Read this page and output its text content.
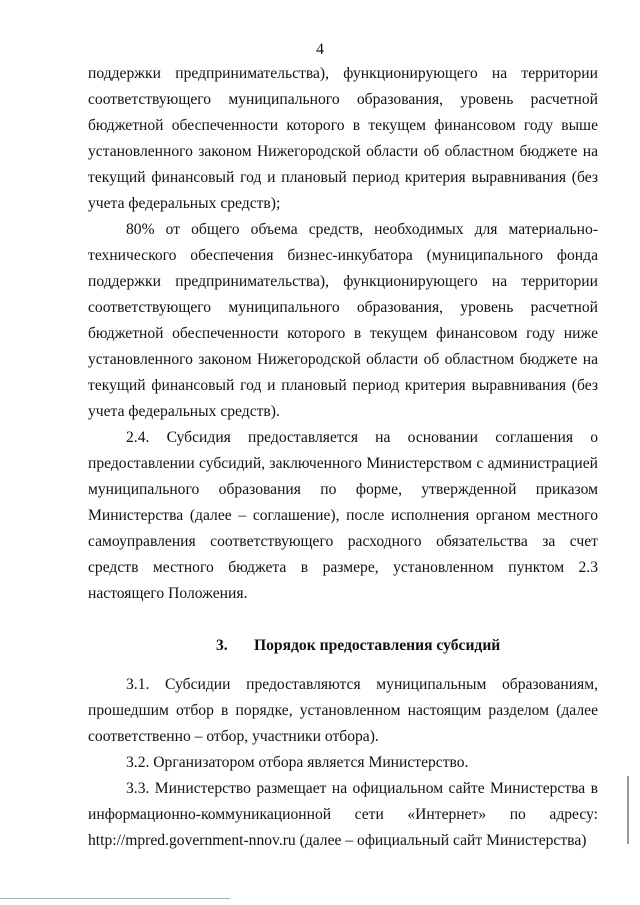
4

поддержки предпринимательства), функционирующего на территории соответствующего муниципального образования, уровень расчетной бюджетной обеспеченности которого в текущем финансовом году выше установленного законом Нижегородской области об областном бюджете на текущий финансовый год и плановый период критерия выравнивания (без учета федеральных средств);

80% от общего объема средств, необходимых для материально-технического обеспечения бизнес-инкубатора (муниципального фонда поддержки предпринимательства), функционирующего на территории соответствующего муниципального образования, уровень расчетной бюджетной обеспеченности которого в текущем финансовом году ниже установленного законом Нижегородской области об областном бюджете на текущий финансовый год и плановый период критерия выравнивания (без учета федеральных средств).

2.4. Субсидия предоставляется на основании соглашения о предоставлении субсидий, заключенного Министерством с администрацией муниципального образования по форме, утвержденной приказом Министерства (далее – соглашение), после исполнения органом местного самоуправления соответствующего расходного обязательства за счет средств местного бюджета в размере, установленном пунктом 2.3 настоящего Положения.

3. Порядок предоставления субсидий

3.1. Субсидии предоставляются муниципальным образованиям, прошедшим отбор в порядке, установленном настоящим разделом (далее соответственно – отбор, участники отбора).

3.2. Организатором отбора является Министерство.

3.3. Министерство размещает на официальном сайте Министерства в информационно-коммуникационной сети «Интернет» по адресу: http://mpred.government-nnov.ru (далее – официальный сайт Министерства)
